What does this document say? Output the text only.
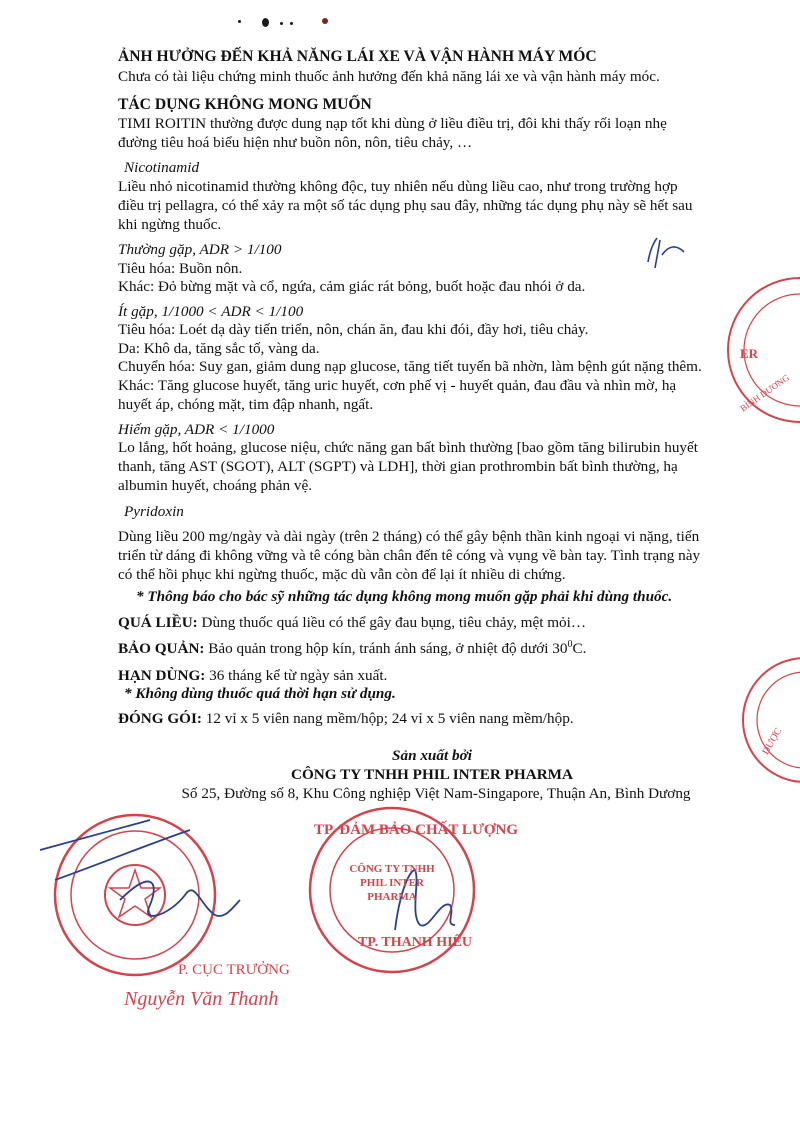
ẢNH HƯỞNG ĐẾN KHẢ NĂNG LÁI XE VÀ VẬN HÀNH MÁY MÓC
Chưa có tài liệu chứng minh thuốc ảnh hưởng đến khả năng lái xe và vận hành máy móc.
TÁC DỤNG KHÔNG MONG MUỐN
TIMI ROITIN thường được dung nạp tốt khi dùng ở liều điều trị, đôi khi thấy rối loạn nhẹ
đường tiêu hoá biểu hiện như buồn nôn, nôn, tiêu chảy, …
Nicotinamid
Liều nhỏ nicotinamid thường không độc, tuy nhiên nếu dùng liều cao, như trong trường hợp
điều trị pellagra, có thể xảy ra một số tác dụng phụ sau đây, những tác dụng phụ này sẽ hết sau
khi ngừng thuốc.
Thường gặp, ADR > 1/100
Tiêu hóa: Buồn nôn.
Khác: Đỏ bừng mặt và cổ, ngứa, cảm giác rát bỏng, buốt hoặc đau nhói ở da.
Ít gặp, 1/1000 < ADR < 1/100
Tiêu hóa: Loét dạ dày tiến triển, nôn, chán ăn, đau khi đói, đầy hơi, tiêu chảy.
Da: Khô da, tăng sắc tố, vàng da.
Chuyển hóa: Suy gan, giảm dung nạp glucose, tăng tiết tuyến bã nhờn, làm bệnh gút nặng thêm.
Khác: Tăng glucose huyết, tăng uric huyết, cơn phế vị - huyết quản, đau đầu và nhìn mờ, hạ
huyết áp, chóng mặt, tim đập nhanh, ngất.
Hiếm gặp, ADR < 1/1000
Lo lắng, hốt hoảng, glucose niệu, chức năng gan bất bình thường [bao gồm tăng bilirubin huyết
thanh, tăng AST (SGOT), ALT (SGPT) và LDH], thời gian prothrombin bất bình thường, hạ
albumin huyết, choáng phản vệ.
Pyridoxin
Dùng liều 200 mg/ngày và dài ngày (trên 2 tháng) có thể gây bệnh thần kinh ngoại vi nặng, tiến
triển từ dáng đi không vững và tê cóng bàn chân đến tê cóng và vụng về bàn tay. Tình trạng này
có thể hồi phục khi ngừng thuốc, mặc dù vẫn còn để lại ít nhiều di chứng.
* Thông báo cho bác sỹ những tác dụng không mong muốn gặp phải khi dùng thuốc.
QUÁ LIỀU: Dùng thuốc quá liều có thể gây đau bụng, tiêu chảy, mệt mỏi…
BẢO QUẢN: Bảo quản trong hộp kín, tránh ánh sáng, ở nhiệt độ dưới $30^0C$.
HẠN DÙNG: 36 tháng kể từ ngày sản xuất.
* Không dùng thuốc quá thời hạn sử dụng.
ĐÓNG GÓI: 12 vỉ x 5 viên nang mềm/hộp; 24 vỉ x 5 viên nang mềm/hộp.
Sản xuất bởi
CÔNG TY TNHH PHIL INTER PHARMA
Số 25, Đường số 8, Khu Công nghiệp Việt Nam-Singapore, Thuận An, Bình Dương
ER
BÌNH DƯƠNG
DƯỢC
TP. ĐẢM BẢO CHẤT LƯỢNG
CÔNG TY TNHH PHIL INTER PHARMA
TP. THANH HIẾU
P. CỤC TRƯỞNG
Nguyễn Văn Thanh
